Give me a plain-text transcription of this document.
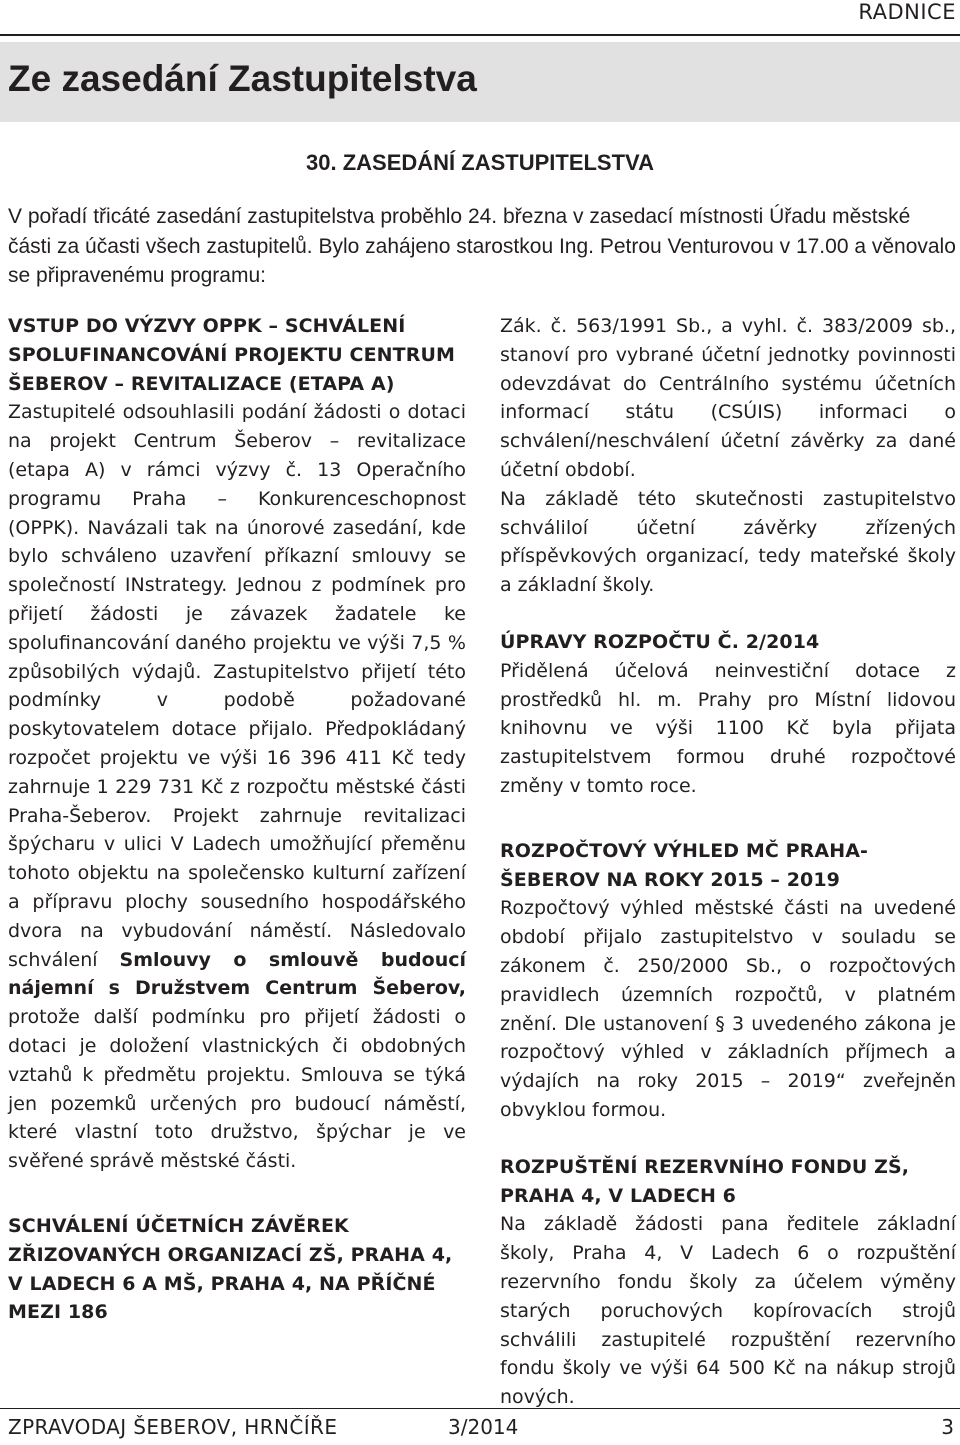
RADNICE
Ze zasedání Zastupitelstva
30. ZASEDÁNÍ ZASTUPITELSTVA

V pořadí třicáté zasedání zastupitelstva proběhlo 24. března v zasedací místnosti Úřadu městské části za účasti všech zastupitelů. Bylo zahájeno starostkou Ing. Petrou Venturovou v 17.00 a věnovalo se připravenému programu:

VSTUP DO VÝZVY OPPK – SCHVÁLENÍ SPOLUFINANCOVÁNÍ PROJEKTU CENTRUM ŠEBEROV – REVITALIZACE (ETAPA A)

Zastupitelé odsouhlasili podání žádosti o dotaci na projekt Centrum Šeberov – revitalizace (etapa A) v rámci výzvy č. 13 Operačního programu Praha – Konkurenceschopnost (OPPK). Navázali tak na únorové zasedání, kde bylo schváleno uzavření příkazní smlouvy se společností INstrategy. Jednou z podmínek pro přijetí žádosti je závazek žadatele ke spolufinancování daného projektu ve výši 7,5 % způsobilých výdajů. Zastupitelstvo přijetí této podmínky v podobě požadované poskytovatelem dotace přijalo. Předpokládaný rozpočet projektu ve výši 16 396 411 Kč tedy zahrnuje 1 229 731 Kč z rozpočtu městské části Praha-Šeberov. Projekt zahrnuje revitalizaci špýcharu v ulici V Ladech umožňující přeměnu tohoto objektu na společensko kulturní zařízení a přípravu plochy sousedního hospodářského dvora na vybudování náměstí. Následovalo schválení Smlouvy o smlouvě budoucí nájemní s Družstvem Centrum Šeberov, protože další podmínku pro přijetí žádosti o dotaci je doložení vlastnických či obdobných vztahů k předmětu projektu. Smlouva se týká jen pozemků určených pro budoucí náměstí, které vlastní toto družstvo, špýchar je ve svěřené správě městské části.

SCHVÁLENÍ ÚČETNÍCH ZÁVĚREK ZŘIZOVANÝCH ORGANIZACÍ ZŠ, PRAHA 4, V LADECH 6 A MŠ, PRAHA 4, NA PŘÍČNÉ MEZI 186

Zák. č. 563/1991 Sb., a vyhl. č. 383/2009 sb., stanoví pro vybrané účetní jednotky povinnosti odevzdávat do Centrálního systému účetních informací státu (CSÚIS) informaci o schválení/neschválení účetní závěrky za dané účetní období.

Na základě této skutečnosti zastupitelstvo schváliloí účetní závěrky zřízených příspěvkových organizací, tedy mateřské školy a základní školy.

ÚPRAVY ROZPOČTU Č. 2/2014

Přidělená účelová neinvestiční dotace z prostředků hl. m. Prahy pro Místní lidovou knihovnu ve výši 1100 Kč byla přijata zastupitelstvem formou druhé rozpočtové změny v tomto roce.

ROZPOČTOVÝ VÝHLED MČ PRAHA-ŠEBEROV NA ROKY 2015 – 2019

Rozpočtový výhled městské části na uvedené období přijalo zastupitelstvo v souladu se zákonem č. 250/2000 Sb., o rozpočtových pravidlech územních rozpočtů, v platném znění. Dle ustanovení § 3 uvedeného zákona je rozpočtový výhled v základních příjmech a výdajích na roky 2015 – 2019“ zveřejněn obvyklou formou.

ROZPUŠTĚNÍ REZERVNÍHO FONDU ZŠ, PRAHA 4, V LADECH 6

Na základě žádosti pana ředitele základní školy, Praha 4, V Ladech 6 o rozpuštění rezervního fondu školy za účelem výměny starých poruchových kopírovacích strojů schválili zastupitelé rozpuštění rezervního fondu školy ve výši 64 500 Kč na nákup strojů nových.

ZPRAVODAJ ŠEBEROV, HRNČÍŘE	3/2014	3
